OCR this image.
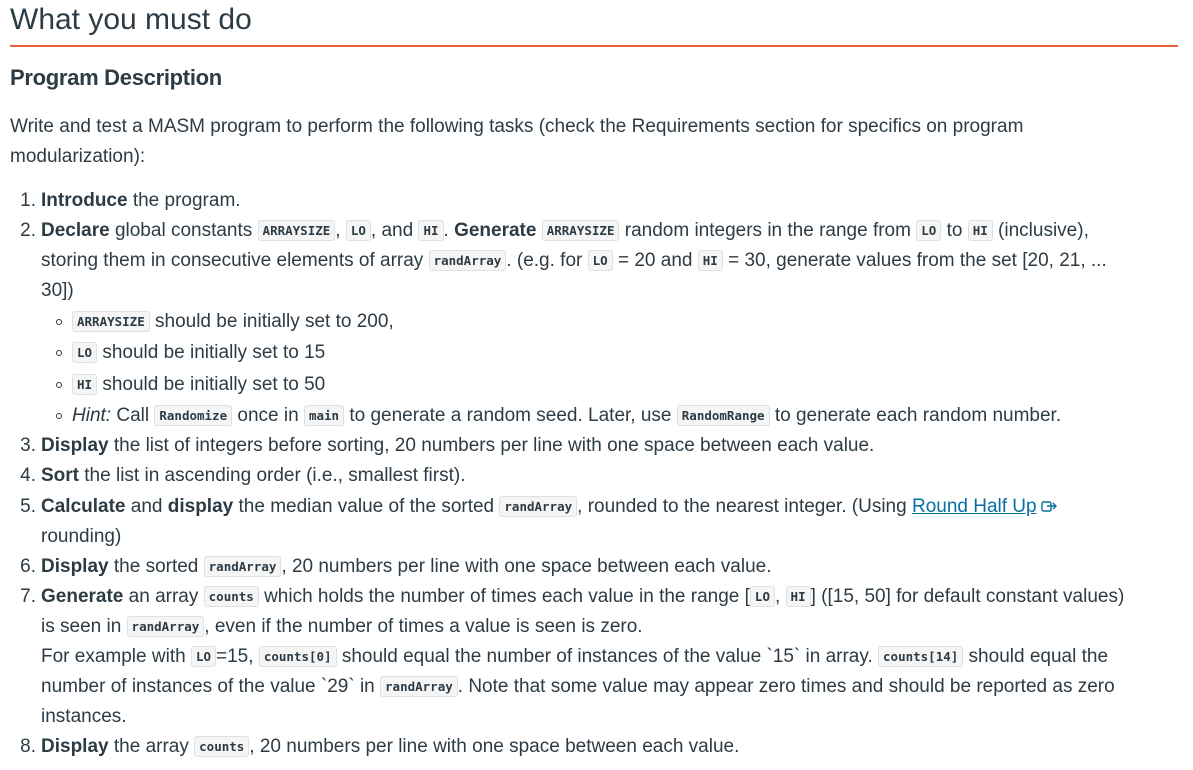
What you must do
Program Description

Write and test a MASM program to perform the following tasks (check the Requirements section for specifics on program modularization):

1. Introduce the program.
2. Declare global constants ARRAYSIZE , LO , and HI . Generate ARRAYSIZE random integers in the range from LO to HI (inclusive),
storing them in consecutive elements of array randArray . (e.g. for LO = 20 and HI = 30, generate values from the set [20, 21, ...
30])
ARRAYSIZE should be initially set to 200,
LO should be initially set to 15
HI should be initially set to 50
Hint: Call Randomize once in main to generate a random seed. Later, use RandomRange to generate each random number.
3. Display the list of integers before sorting, 20 numbers per line with one space between each value.
4. Sort the list in ascending order (i.e., smallest first).
5. Calculate and display the median value of the sorted randArray , rounded to the nearest integer. (Using Round Half Up
rounding)
6. Display the sorted randArray , 20 numbers per line with one space between each value.
7. Generate an array counts which holds the number of times each value in the range [ LO , HI ] ([15, 50] for default constant values)
is seen in randArray , even if the number of times a value is seen is zero.
For example with LO =15, counts[0] should equal the number of instances of the value `15` in array. counts[14] should equal the
number of instances of the value `29` in randArray . Note that some value may appear zero times and should be reported as zero
instances.
8. Display the array counts , 20 numbers per line with one space between each value.
